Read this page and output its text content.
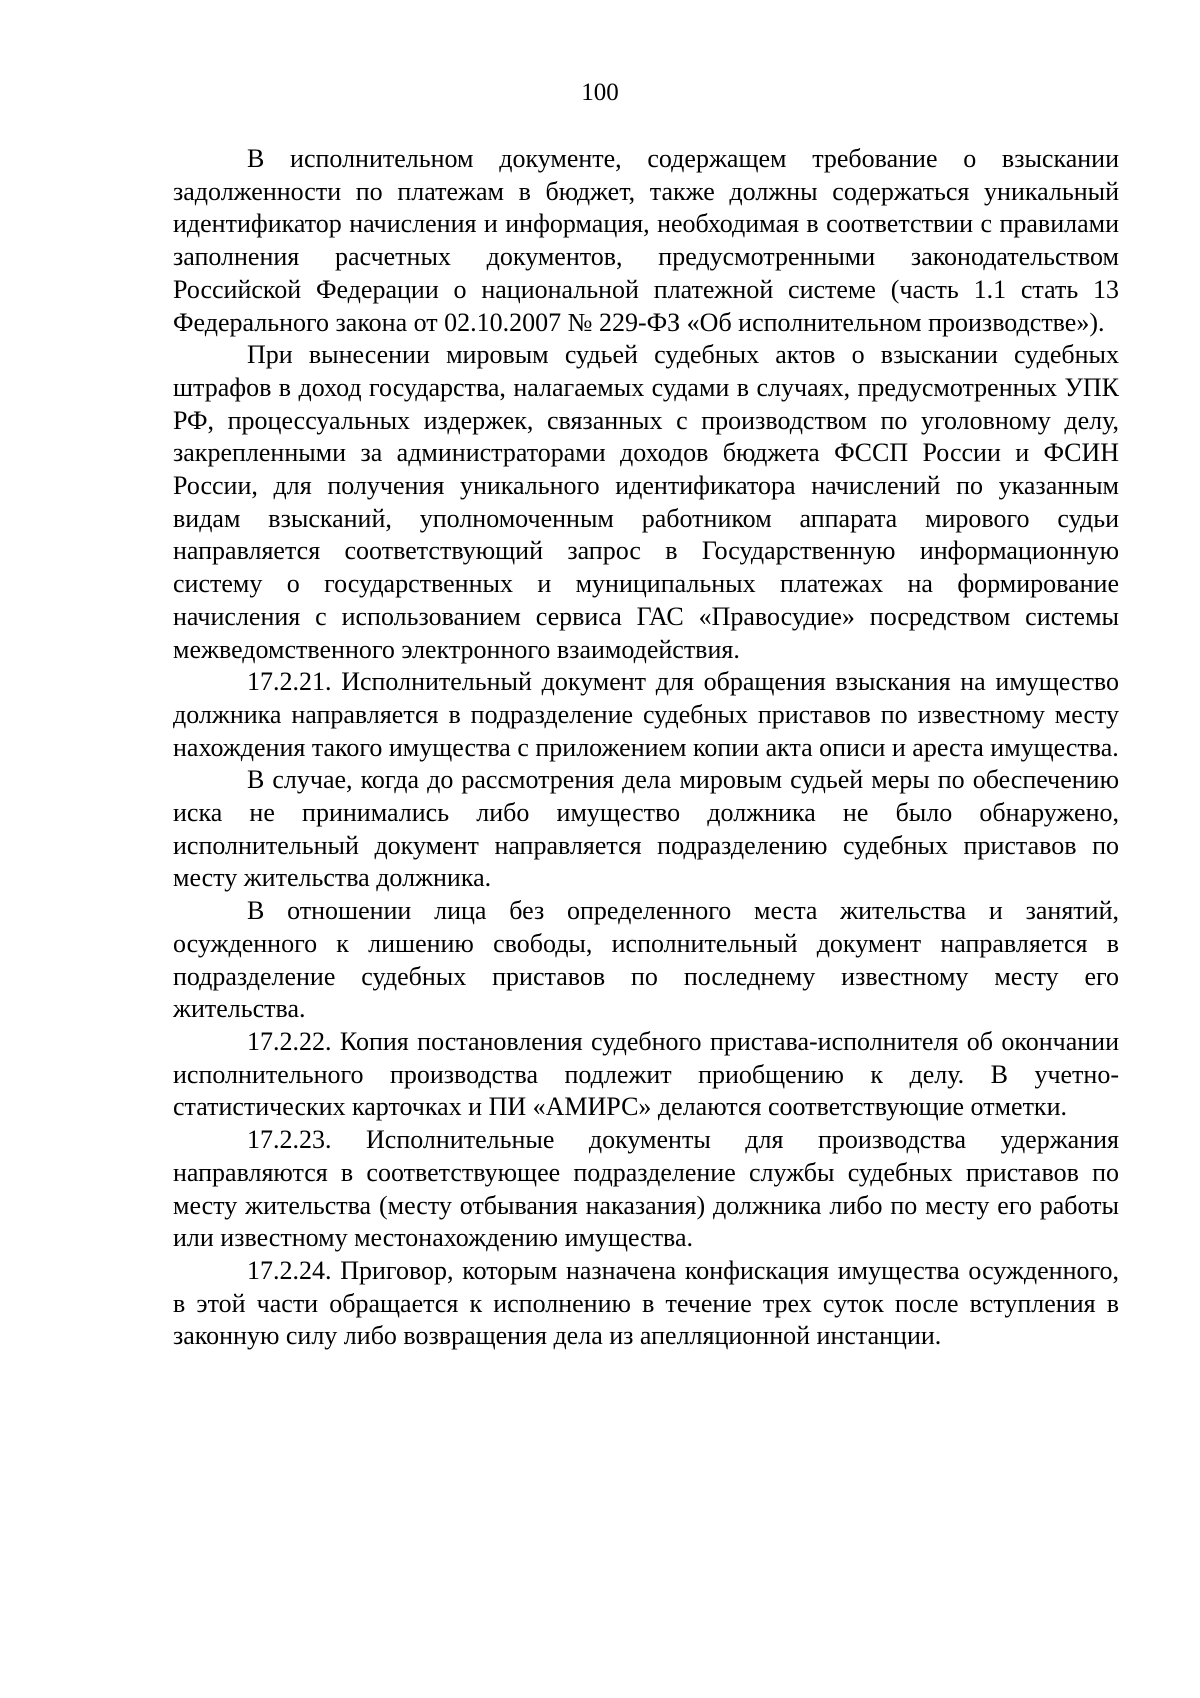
100

В исполнительном документе, содержащем требование о взыскании задолженности по платежам в бюджет, также должны содержаться уникальный идентификатор начисления и информация, необходимая в соответствии с правилами заполнения расчетных документов, предусмотренными законодательством Российской Федерации о национальной платежной системе (часть 1.1 стать 13 Федерального закона от 02.10.2007 № 229-ФЗ «Об исполнительном производстве»).

При вынесении мировым судьей судебных актов о взыскании судебных штрафов в доход государства, налагаемых судами в случаях, предусмотренных УПК РФ, процессуальных издержек, связанных с производством по уголовному делу, закрепленными за администраторами доходов бюджета ФССП России и ФСИН России, для получения уникального идентификатора начислений по указанным видам взысканий, уполномоченным работником аппарата мирового судьи направляется соответствующий запрос в Государственную информационную систему о государственных и муниципальных платежах на формирование начисления с использованием сервиса ГАС «Правосудие» посредством системы межведомственного электронного взаимодействия.

17.2.21. Исполнительный документ для обращения взыскания на имущество должника направляется в подразделение судебных приставов по известному месту нахождения такого имущества с приложением копии акта описи и ареста имущества.

В случае, когда до рассмотрения дела мировым судьей меры по обеспечению иска не принимались либо имущество должника не было обнаружено, исполнительный документ направляется подразделению судебных приставов по месту жительства должника.

В отношении лица без определенного места жительства и занятий, осужденного к лишению свободы, исполнительный документ направляется в подразделение судебных приставов по последнему известному месту его жительства.

17.2.22. Копия постановления судебного пристава-исполнителя об окончании исполнительного производства подлежит приобщению к делу. В учетно-статистических карточках и ПИ «АМИРС» делаются соответствующие отметки.

17.2.23. Исполнительные документы для производства удержания направляются в соответствующее подразделение службы судебных приставов по месту жительства (месту отбывания наказания) должника либо по месту его работы или известному местонахождению имущества.

17.2.24. Приговор, которым назначена конфискация имущества осужденного, в этой части обращается к исполнению в течение трех суток после вступления в законную силу либо возвращения дела из апелляционной инстанции.
